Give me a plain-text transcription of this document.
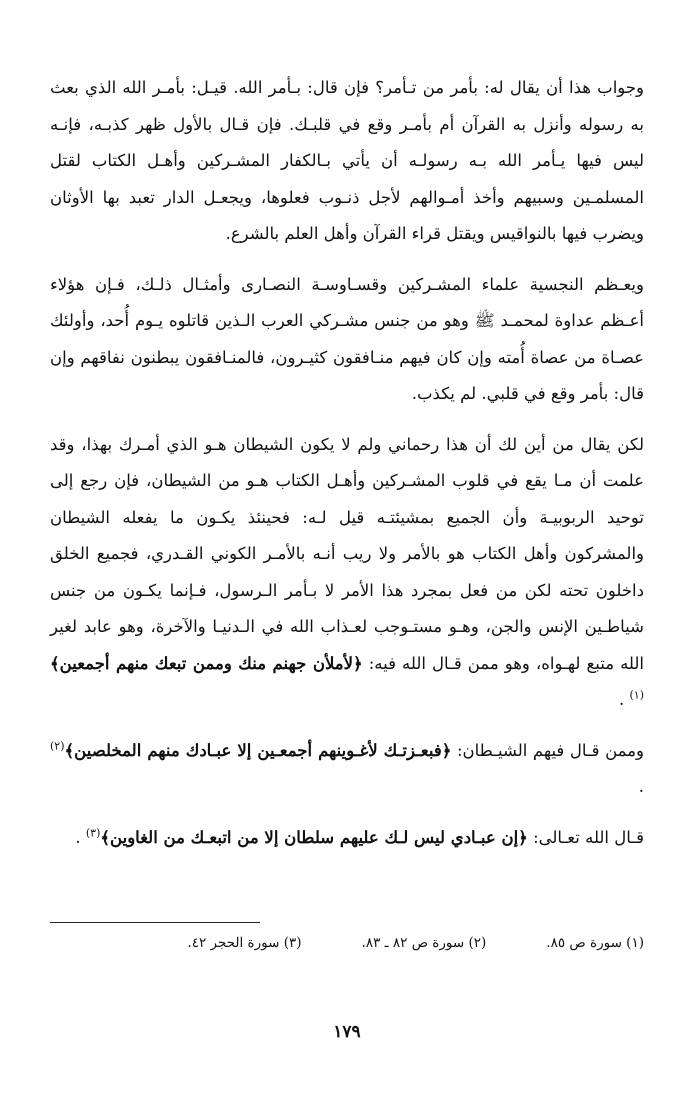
وجواب هذا أن يقال له: بأمر من تـأمر؟ فإن قال: بـأمر الله. قيـل: بأمـر الله الذي بعث به رسوله وأنزل به القرآن أم بأمـر وقع في قلبـك. فإن قـال بالأول ظهر كذبـه، فإنـه ليس فيها يـأمر الله بـه رسولـه أن يأتي بـالكفار المشـركين وأهـل الكتاب لقتل المسلمـين وسبيهم وأخذ أمـوالهم لأجل ذنـوب فعلوها، ويجعـل الدار تعبد بها الأوثان ويضرب فيها بالنواقيس ويقتل قراء القرآن وأهل العلم بالشرع.

ويعـظم النجسية علماء المشـركين وقسـاوسـة النصـارى وأمثـال ذلـك، فـإن هؤلاء أعـظم عداوة لمحمـد ﷺ وهو من جنس مشـركي العرب الـذين قاتلوه يـوم أُحد، وأولئك عصـاة من عصاة أُمته وإن كان فيهم منـافقون كثيـرون، فالمنـافقون يبطنون نفاقهم وإن قال: بأمر وقع في قلبي. لم يكذب.

لكن يقال من أين لك أن هذا رحماني ولم لا يكون الشيطان هـو الذي أمـرك بهذا، وقد علمت أن مـا يقع في قلوب المشـركين وأهـل الكتاب هـو من الشيطان، فإن رجع إلى توحيد الربوبيـة وأن الجميع بمشيئتـه قيل لـه: فحينئذ يكـون ما يفعله الشيطان والمشركون وأهل الكتاب هو بالأمر ولا ريب أنـه بالأمـر الكوني القـدري، فجميع الخلق داخلون تحته لكن من فعل بمجرد هذا الأمر لا بـأمر الـرسول، فـإنما يكـون من جنس شياطـين الإنس والجن، وهـو مستـوجب لعـذاب الله في الـدنيـا والآخرة، وهو عابد لغير الله متبع لهـواه، وهو ممن قـال الله فيه: ﴿لأملأن جهنم منك وممن تبعك منهم أجمعين﴾$^{(١)}$ .

وممن قـال فيهم الشيـطان: ﴿فبعـزتـك لأغـوينهم أجمعـين إلا عبـادك منهم المخلصين﴾$^{(٢)}$ .

قـال الله تعـالى: ﴿إن عبـادي ليس لـك عليهم سلطان إلا من اتبعـك من الغاوين﴾$^{(٣)}$ .

(١) سورة ص ٨٥.
(٢) سورة ص ٨٢ ـ ٨٣.
(٣) سورة الحجر ٤٢.
١٧٩
